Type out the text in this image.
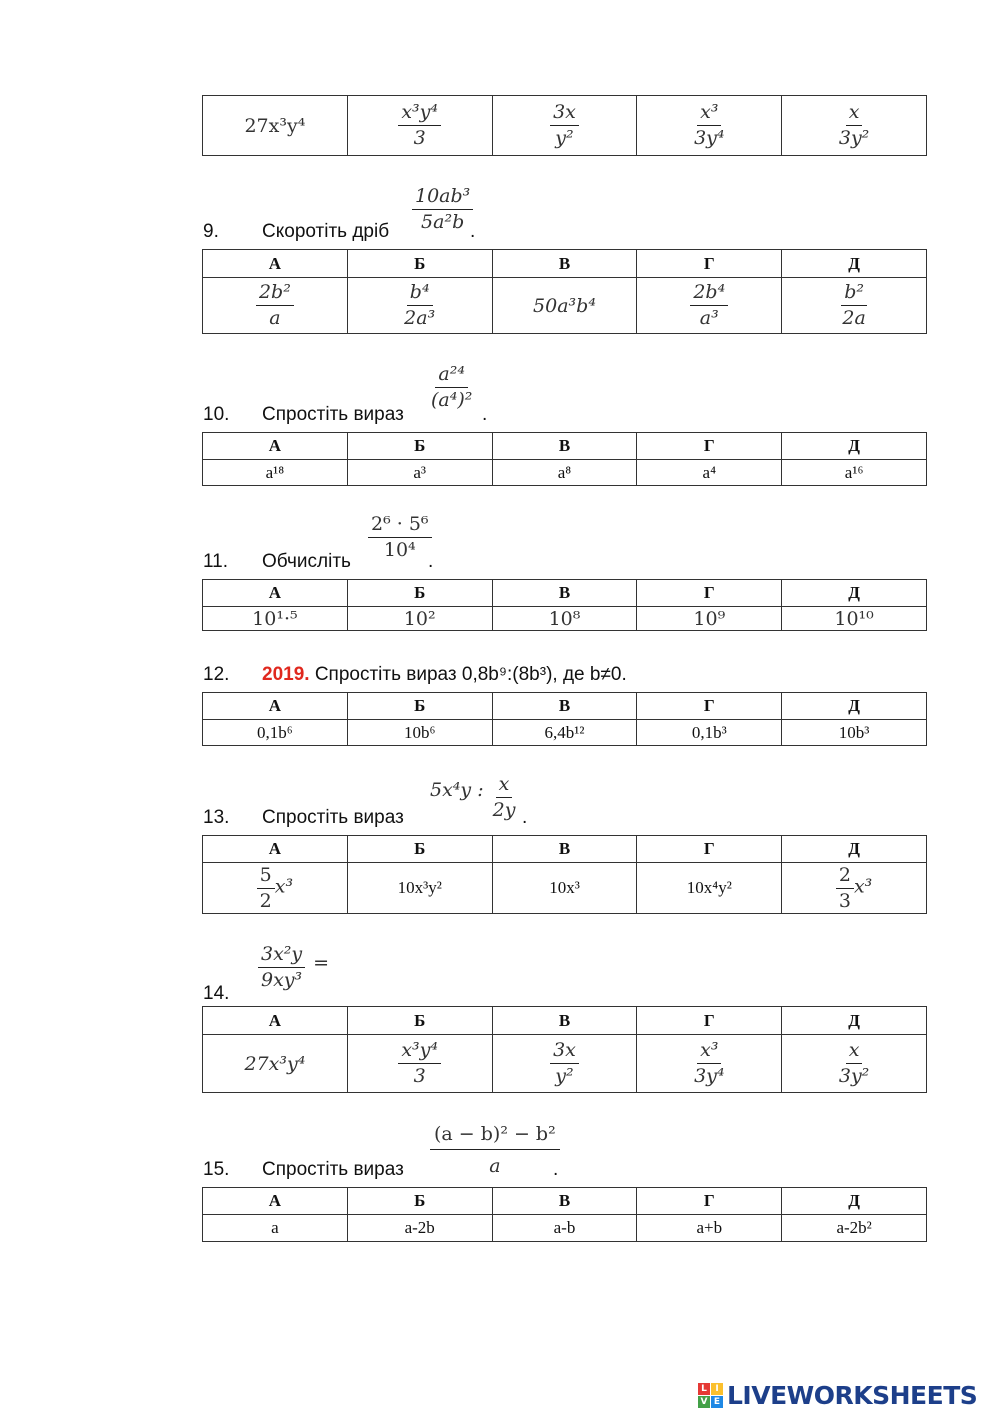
27x³y⁴	$\frac{\text{x³y⁴}}{3}$	$\frac{3x}{\text{y²}}$	$\frac{\text{x³}}{\text{3y⁴}}$	$\frac{x}{\text{3y²}}$
$\frac{\text{10ab³}}{\text{5a²b}}$
9. Скоротіть дріб	.
А	Б	В	Г	Д

$\frac{\text{2b²}}{a}$	$\frac{\text{b⁴}}{\text{2a³}}$	50a³b⁴	$\frac{\text{2b⁴}}{\text{a³}}$	$\frac{\text{b²}}{2a}$
$\frac{\text{a²⁴}}{\text{(a⁴)²}}$
10. Спростіть вираз	.
А	Б	В	Г	Д
a¹⁸	a³	a⁸	a⁴	a¹⁶
$\frac{\text{2⁶ · 5⁶}}{\text{10⁴}}$
11. Обчисліть	.
А	Б	В	Г	Д
10¹·⁵	10²	10⁸	10⁹	10¹⁰
12. 2019. Спростіть вираз 0,8b⁹:(8b³), де b≠0.
А	Б	В	Г	Д
0,1b⁶	10b⁶	6,4b¹²	0,1b³	10b³
5x⁴y : $\frac{x}{2y}$
13. Спростіть вираз	.
А	Б	В	Г	Д

$\frac{5}{2} x^3$	10x³y²	10x³	10x⁴y²	$\frac{2}{3} x^3$
$\frac{\text{3x²y}}{\text{9xy³}}$ =
14.
А	Б	В	Г	Д
27x³y⁴	$\frac{\text{x³y⁴}}{3}$	$\frac{3x}{\text{y²}}$	$\frac{\text{x³}}{\text{3y⁴}}$	$\frac{x}{\text{3y²}}$
$\frac{\text{(a − b)² − b²}}{a}$
15. Спростіть вираз	.
А	Б	В	Г	Д
a	a-2b	a-b	a+b	a-2b²
L I
V E LIVEWORKSHEETS
